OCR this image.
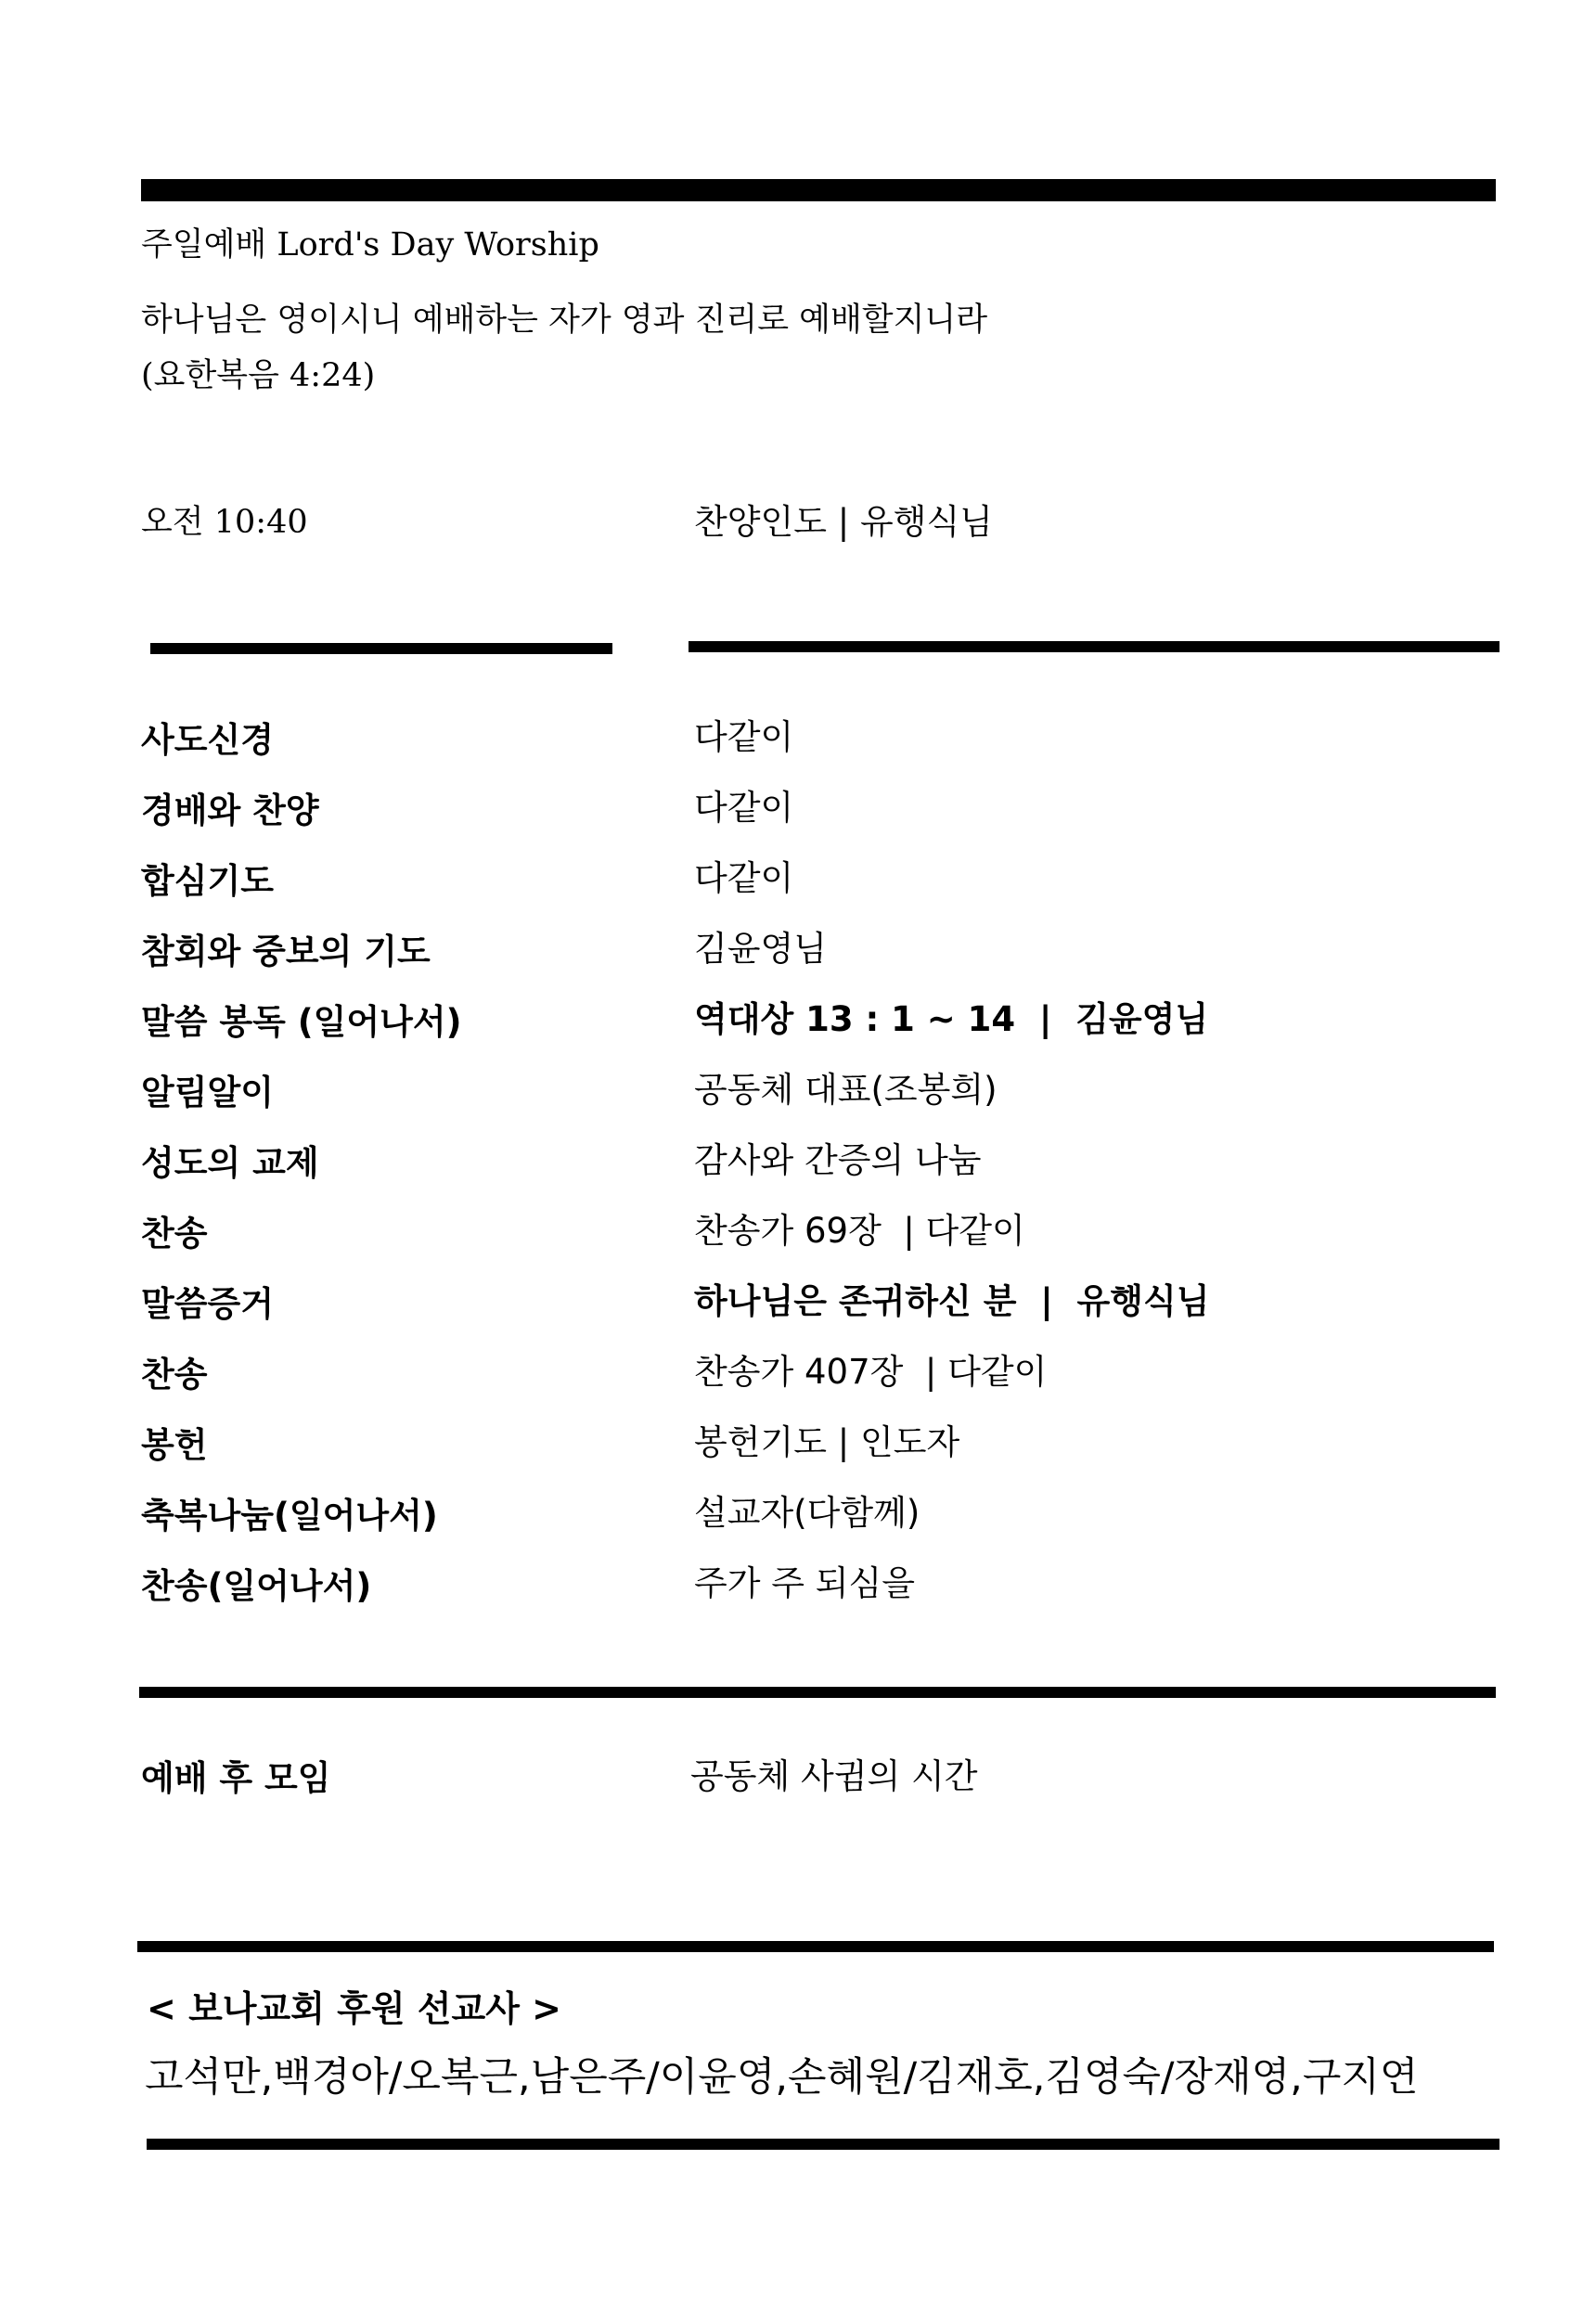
주일예배 Lord's Day Worship
하나님은 영이시니 예배하는 자가 영과 진리로 예배할지니라
(요한복음 4:24)
오전 10:40	찬양인도 | 유행식님
사도신경	다같이
경배와 찬양	다같이
합심기도	다같이
참회와 중보의 기도	김윤영님
말씀 봉독 (일어나서)	역대상 13 : 1 ~ 14  |  김윤영님
알림알이	공동체 대표(조봉희)
성도의 교제	감사와 간증의 나눔
찬송	찬송가 69장  | 다같이
말씀증거	하나님은 존귀하신 분  |  유행식님
찬송	찬송가 407장  | 다같이
봉헌	봉헌기도 | 인도자
축복나눔(일어나서)	설교자(다함께)
찬송(일어나서)	주가 주 되심을
예배 후 모임	공동체 사귐의 시간
< 보나교회 후원 선교사 >
고석만,백경아/오복근,남은주/이윤영,손혜원/김재호,김영숙/장재영,구지연
